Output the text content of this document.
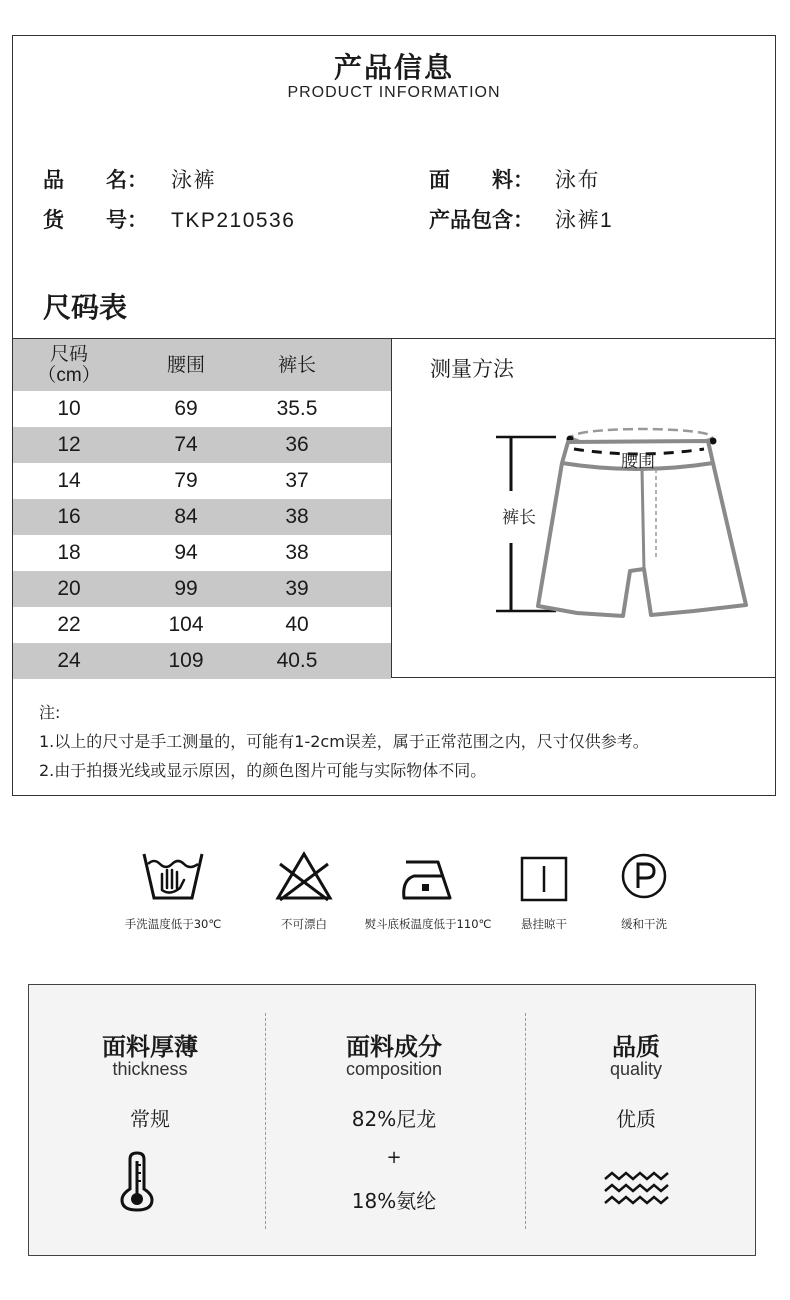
产品信息
PRODUCT INFORMATION
品　　名： 泳裤
货　　号： TKP210536
面　　料： 泳布
产品包含： 泳裤1
尺码表
尺码
（cm）	腰围	裤长	
10	69	35.5	
12	74	36	
14	79	37	
16	84	38	
18	94	38	
20	99	39	
22	104	40	
24	109	40.5	
测量方法
腰围
裤长
注:
1.以上的尺寸是手工测量的，可能有1-2cm误差，属于正常范围之内，尺寸仅供参考。
2.由于拍摄光线或显示原因，的颜色图片可能与实际物体不同。
手洗温度低于30℃	不可漂白	熨斗底板温度低于110℃	悬挂晾干	缓和干洗
面料厚薄
thickness
常规
面料成分
composition
82%尼龙
+
18%氨纶
品质
quality
优质
